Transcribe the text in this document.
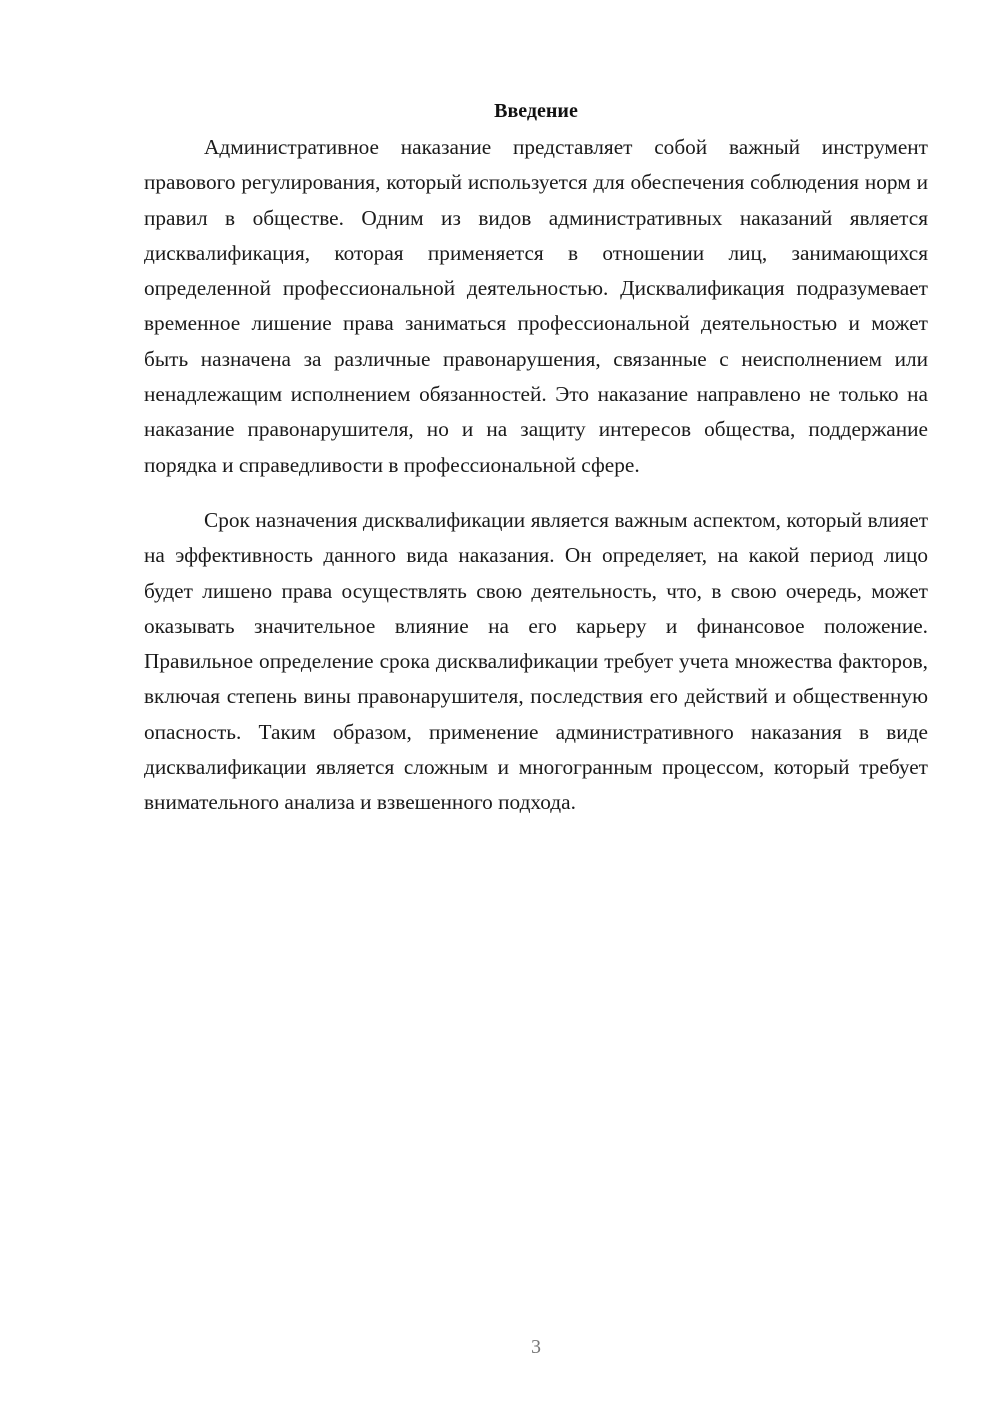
Введение

Административное наказание представляет собой важный инструмент правового регулирования, который используется для обеспечения соблюдения норм и правил в обществе. Одним из видов административных наказаний является дисквалификация, которая применяется в отношении лиц, занимающихся определенной профессиональной деятельностью. Дисквалификация подразумевает временное лишение права заниматься профессиональной деятельностью и может быть назначена за различные правонарушения, связанные с неисполнением или ненадлежащим исполнением обязанностей. Это наказание направлено не только на наказание правонарушителя, но и на защиту интересов общества, поддержание порядка и справедливости в профессиональной сфере.

Срок назначения дисквалификации является важным аспектом, который влияет на эффективность данного вида наказания. Он определяет, на какой период лицо будет лишено права осуществлять свою деятельность, что, в свою очередь, может оказывать значительное влияние на его карьеру и финансовое положение. Правильное определение срока дисквалификации требует учета множества факторов, включая степень вины правонарушителя, последствия его действий и общественную опасность. Таким образом, применение административного наказания в виде дисквалификации является сложным и многогранным процессом, который требует внимательного анализа и взвешенного подхода.

3
